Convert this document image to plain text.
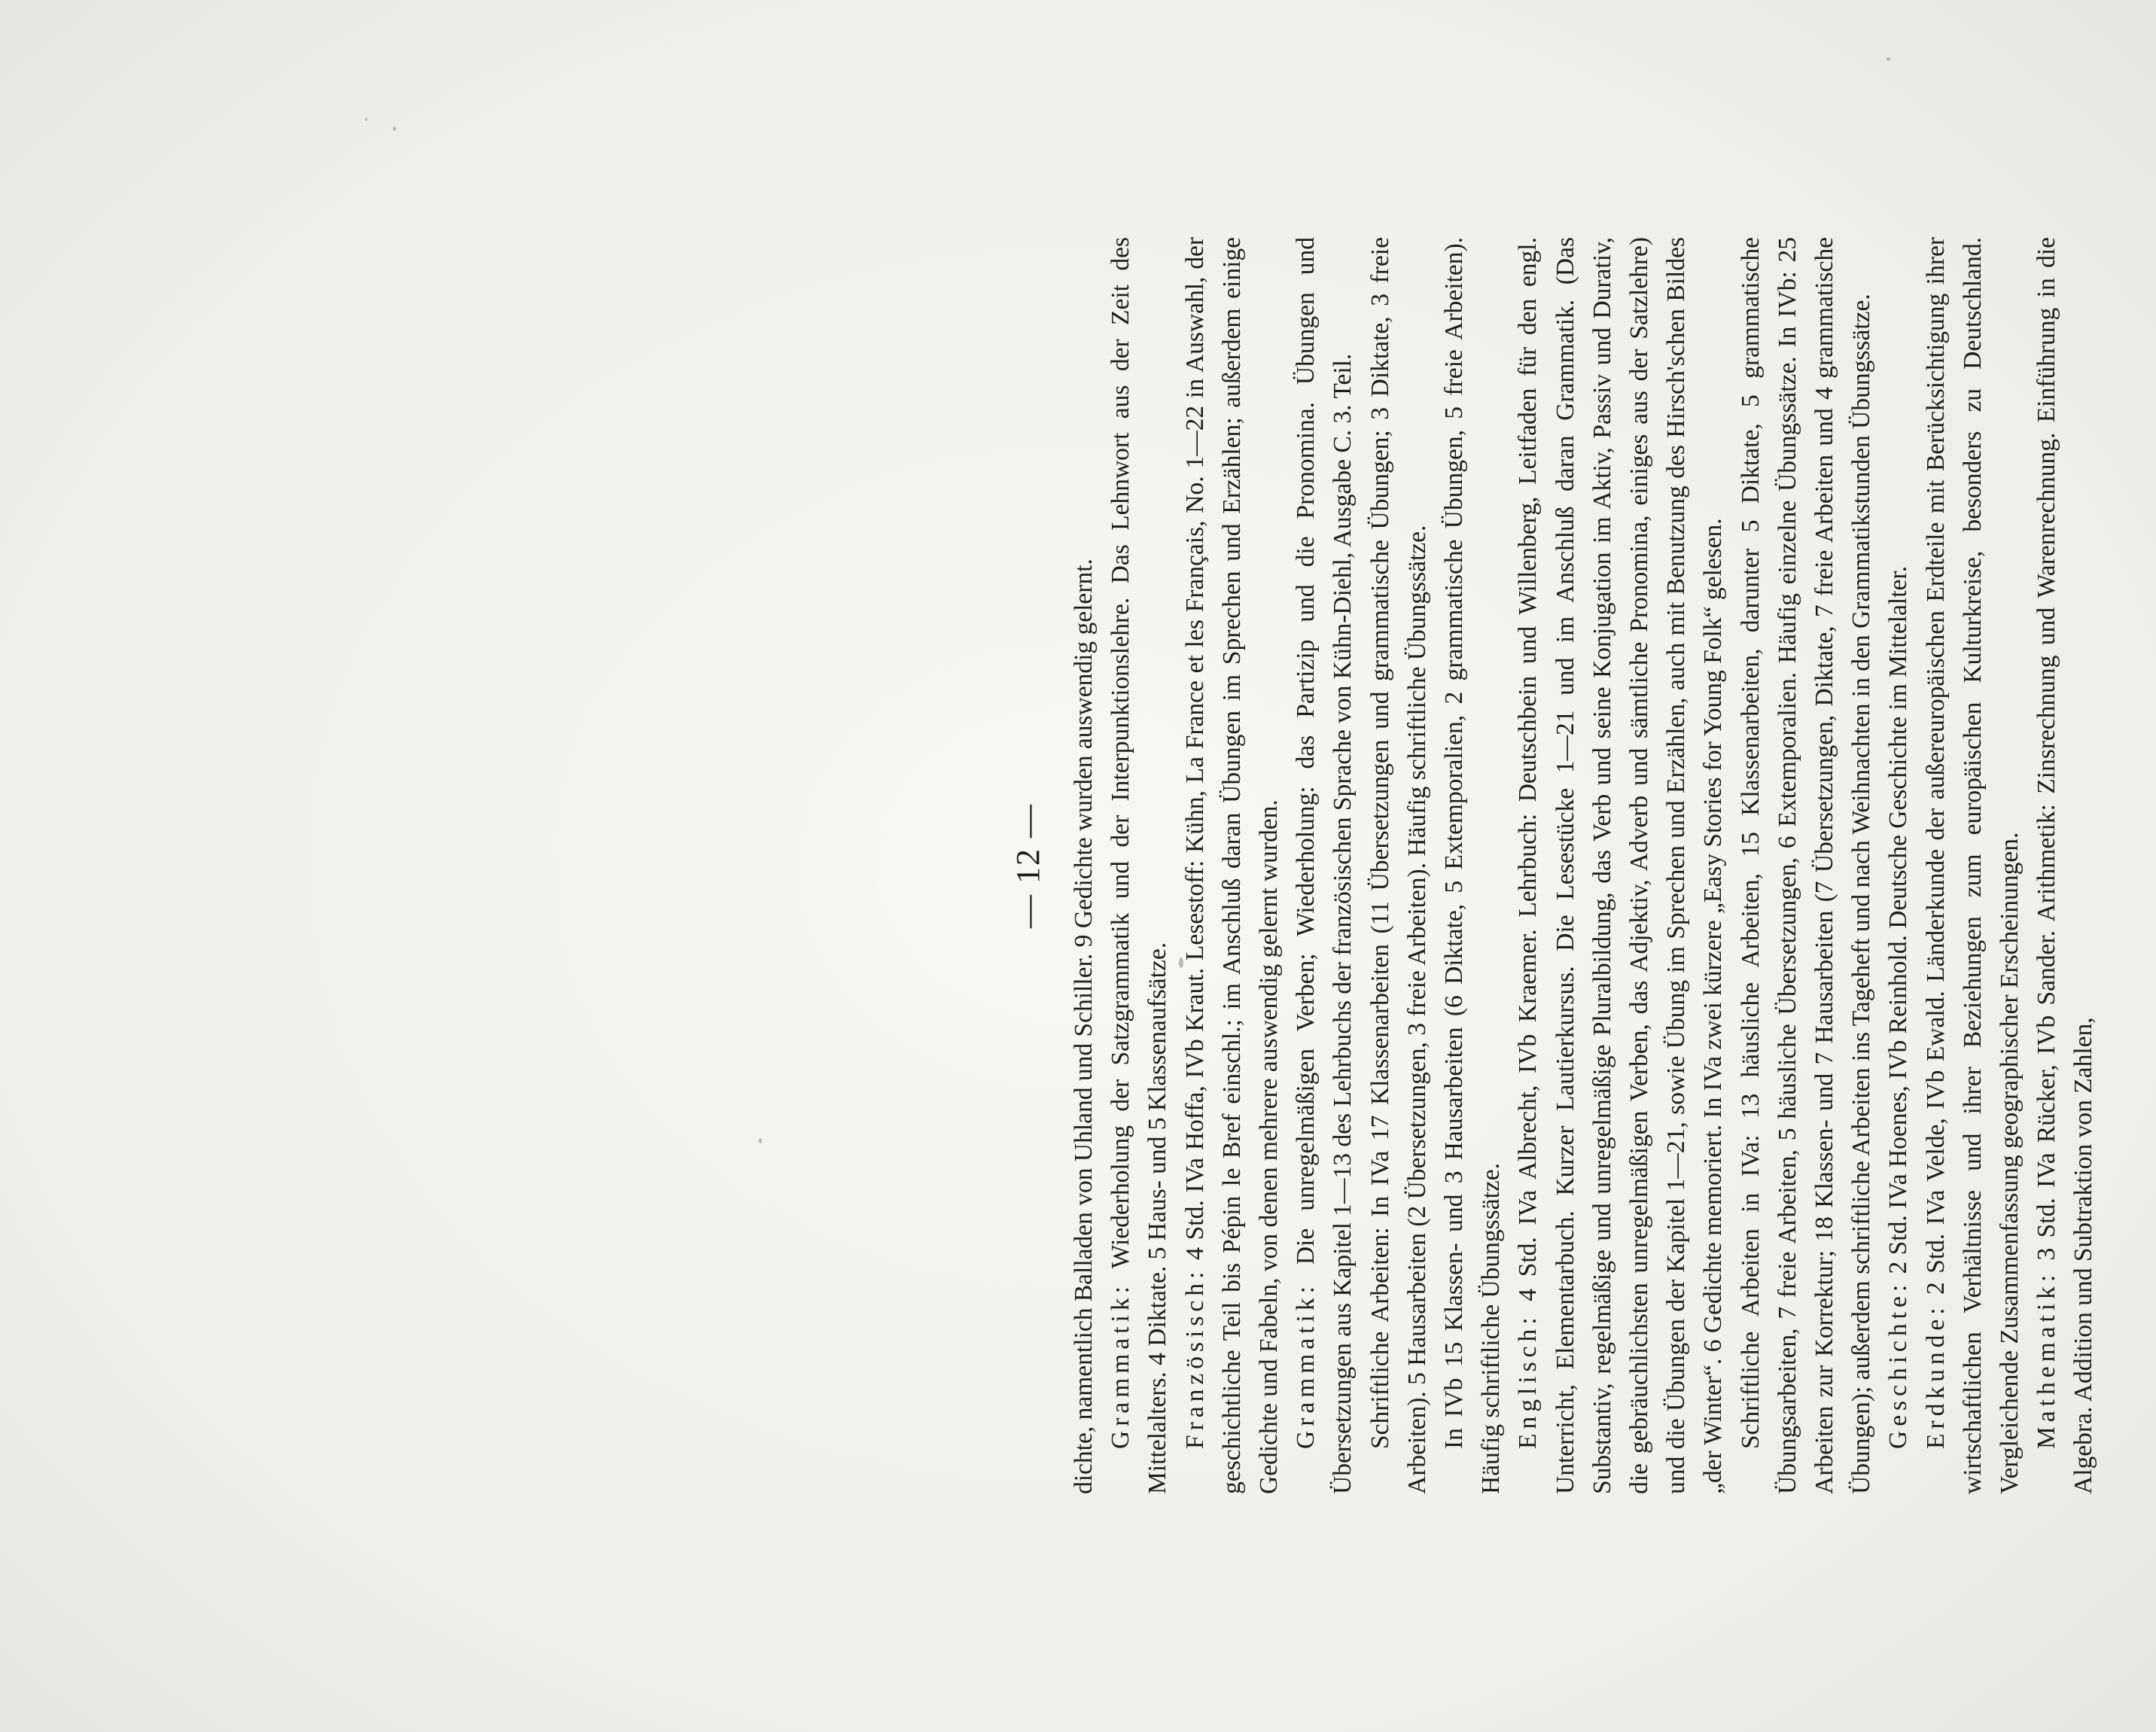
— 12 — dichte, namentlich Balladen von Uhland und Schiller. 9 Gedichte wurden auswendig gelernt. Grammatik: Wiederholung der Satzgrammatik und der Interpunktionslehre. Das Lehnwort aus der Zeit des Mittelalters. 4 Diktate. 5 Haus- und 5 Klassenaufsätze. Französisch: 4 Std. IVa Hoffa, IVb Kraut. Lesestoff: Kühn, La France et les Français, No. 1—22 in Auswahl, der geschichtliche Teil bis Pépin le Bref einschl.; im Anschluß daran Übungen im Sprechen und Erzählen; außerdem einige Gedichte und Fabeln, von denen mehrere auswendig gelernt wurden. Grammatik: Die unregelmäßigen Verben; Wiederholung: das Partizip und die Pronomina. Übungen und Übersetzungen aus Kapitel 1—13 des Lehrbuchs der französischen Sprache von Kühn-Diehl, Ausgabe C. 3. Teil. Schriftliche Arbeiten: In IVa 17 Klassenarbeiten (11 Übersetzungen und grammatische Übungen; 3 Diktate, 3 freie Arbeiten). 5 Hausarbeiten (2 Übersetzungen, 3 freie Arbeiten). Häufig schriftliche Übungssätze. In IVb 15 Klassen- und 3 Hausarbeiten (6 Diktate, 5 Extemporalien, 2 grammatische Übungen, 5 freie Arbeiten). Häufig schriftliche Übungssätze. Englisch: 4 Std. IVa Albrecht, IVb Kraemer. Lehrbuch: Deutschbein und Willenberg, Leitfaden für den engl. Unterricht, Elementarbuch. Kurzer Lautierkursus. Die Lesestücke 1—21 und im Anschluß daran Grammatik. (Das Substantiv, regelmäßige und unregelmäßige Pluralbildung, das Verb und seine Konjugation im Aktiv, Passiv und Durativ, die gebräuchlichsten unregelmäßigen Verben, das Adjektiv, Adverb und sämtliche Pronomina, einiges aus der Satzlehre) und die Übungen der Kapitel 1—21, sowie Übung im Sprechen und Erzählen, auch mit Benutzung des Hirsch'schen Bildes „der Winter“. 6 Gedichte memoriert. In IVa zwei kürzere „Easy Stories for Young Folk“ gelesen. Schriftliche Arbeiten in IVa: 13 häusliche Arbeiten, 15 Klassenarbeiten, darunter 5 Diktate, 5 grammatische Übungsarbeiten, 7 freie Arbeiten, 5 häusliche Übersetzungen, 6 Extemporalien. Häufig einzelne Übungssätze. In IVb: 25 Arbeiten zur Korrektur; 18 Klassen- und 7 Hausarbeiten (7 Übersetzungen, Diktate, 7 freie Arbeiten und 4 grammatische Übungen); außerdem schriftliche Arbeiten ins Tageheft und nach Weihnachten in den Grammatikstunden Übungssätze. Geschichte: 2 Std. IVa Hoenes, IVb Reinhold. Deutsche Geschichte im Mittelalter.

Erdkunde: 2 Std. IVa Velde, IVb Ewald. Länderkunde der außereuropäischen Erdteile mit Berücksichtigung ihrer wirtschaftlichen Verhältnisse und ihrer Beziehungen zum europäischen Kulturkreise, besonders zu Deutschland. Vergleichende Zusammenfassung geographischer Erscheinungen. Mathematik: 3 Std. IVa Rücker, IVb Sander. Arithmetik: Zinsrechnung und Warenrechnung. Einführung in die Algebra. Addition und Subtraktion von Zahlen,
